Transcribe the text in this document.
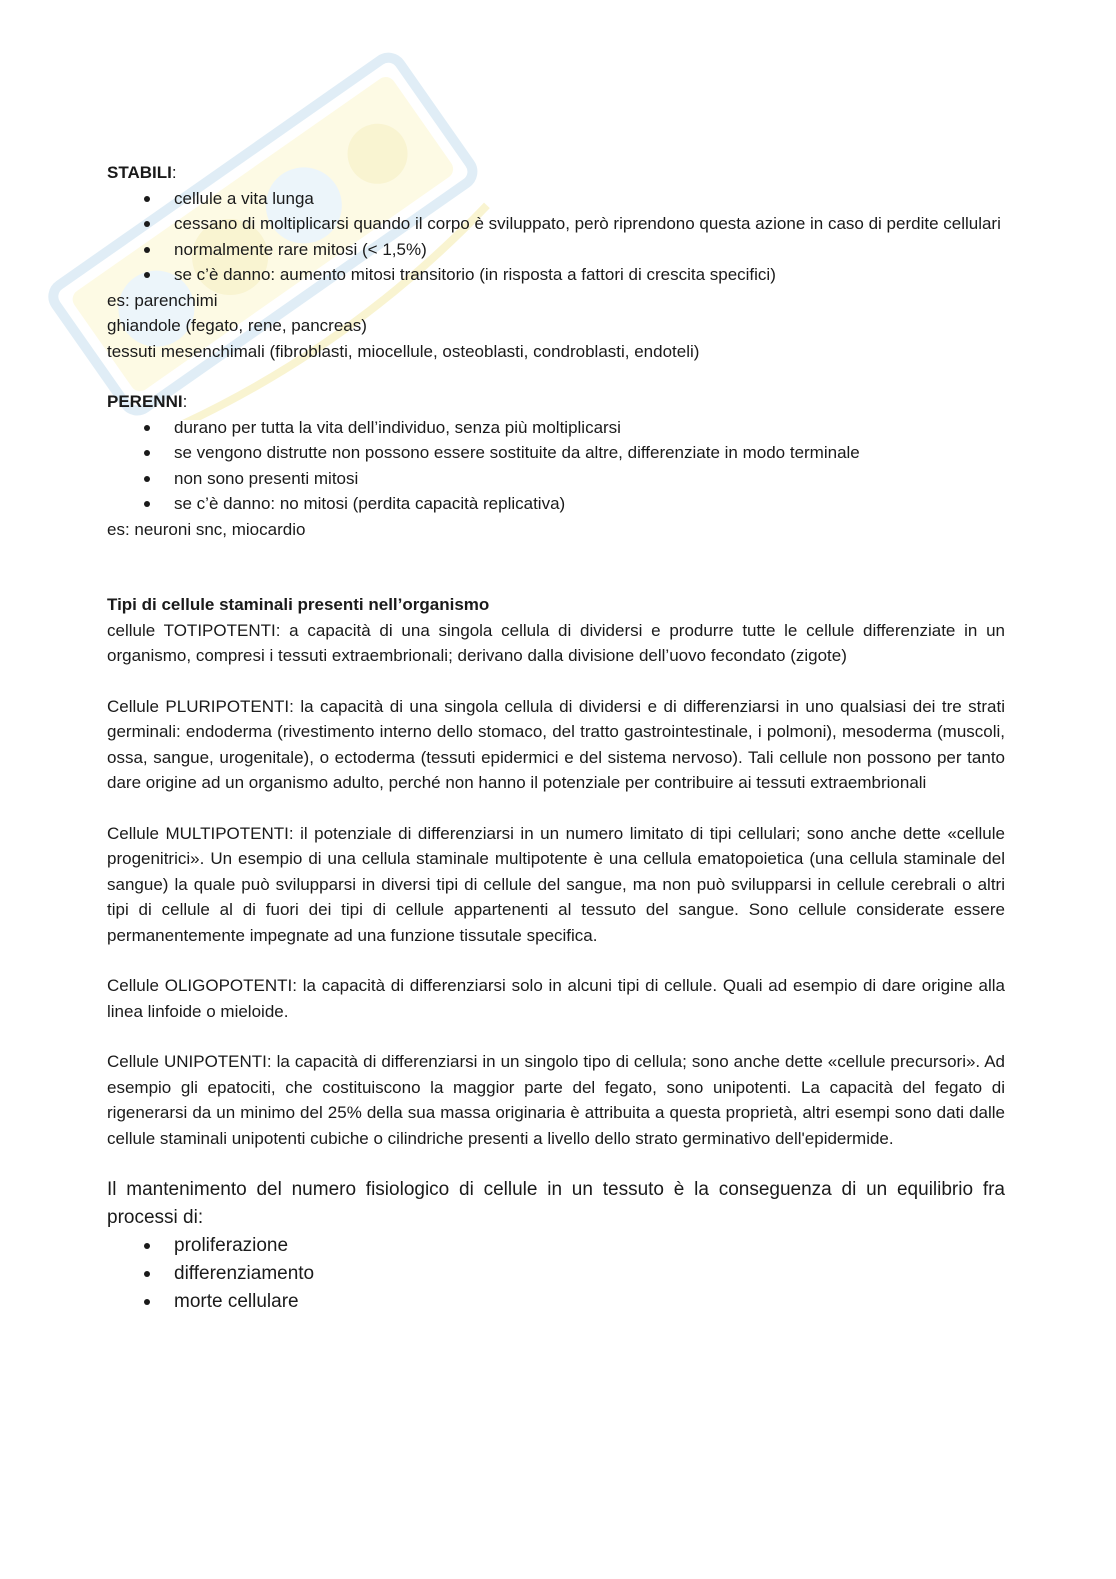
STABILI:
cellule a vita lunga
cessano di moltiplicarsi quando il corpo è sviluppato, però riprendono questa azione in caso di perdite cellulari
normalmente rare mitosi (< 1,5%)
se c’è danno: aumento mitosi transitorio (in risposta a fattori di crescita specifici)
es: parenchimi
ghiandole (fegato, rene, pancreas)
tessuti mesenchimali (fibroblasti, miocellule, osteoblasti, condroblasti, endoteli)
PERENNI:
durano per tutta la vita dell’individuo, senza più moltiplicarsi
se vengono distrutte non possono essere sostituite da altre, differenziate in modo terminale
non sono presenti mitosi
se c’è danno: no mitosi (perdita capacità replicativa)
es: neuroni snc, miocardio
Tipi di cellule staminali presenti nell’organismo

cellule TOTIPOTENTI: a capacità di una singola cellula di dividersi e produrre tutte le cellule differenziate in un organismo, compresi i tessuti extraembrionali; derivano dalla divisione dell’uovo fecondato (zigote)

Cellule PLURIPOTENTI: la capacità di una singola cellula di dividersi e di differenziarsi in uno qualsiasi dei tre strati germinali: endoderma (rivestimento interno dello stomaco, del tratto gastrointestinale, i polmoni), mesoderma (muscoli, ossa, sangue, urogenitale), o ectoderma (tessuti epidermici e del sistema nervoso). Tali cellule non possono per tanto dare origine ad un organismo adulto, perché non hanno il potenziale per contribuire ai tessuti extraembrionali

Cellule MULTIPOTENTI: il potenziale di differenziarsi in un numero limitato di tipi cellulari; sono anche dette «cellule progenitrici». Un esempio di una cellula staminale multipotente è una cellula ematopoietica (una cellula staminale del sangue) la quale può svilupparsi in diversi tipi di cellule del sangue, ma non può svilupparsi in cellule cerebrali o altri tipi di cellule al di fuori dei tipi di cellule appartenenti al tessuto del sangue. Sono cellule considerate essere permanentemente impegnate ad una funzione tissutale specifica.

Cellule OLIGOPOTENTI: la capacità di differenziarsi solo in alcuni tipi di cellule. Quali ad esempio di dare origine alla linea linfoide o mieloide.

Cellule UNIPOTENTI: la capacità di differenziarsi in un singolo tipo di cellula; sono anche dette «cellule precursori». Ad esempio gli epatociti, che costituiscono la maggior parte del fegato, sono unipotenti. La capacità del fegato di rigenerarsi da un minimo del 25% della sua massa originaria è attribuita a questa proprietà, altri esempi sono dati dalle cellule staminali unipotenti cubiche o cilindriche presenti a livello dello strato germinativo dell'epidermide.

Il mantenimento del numero fisiologico di cellule in un tessuto è la conseguenza di un equilibrio fra processi di:

proliferazione
differenziamento
morte cellulare
